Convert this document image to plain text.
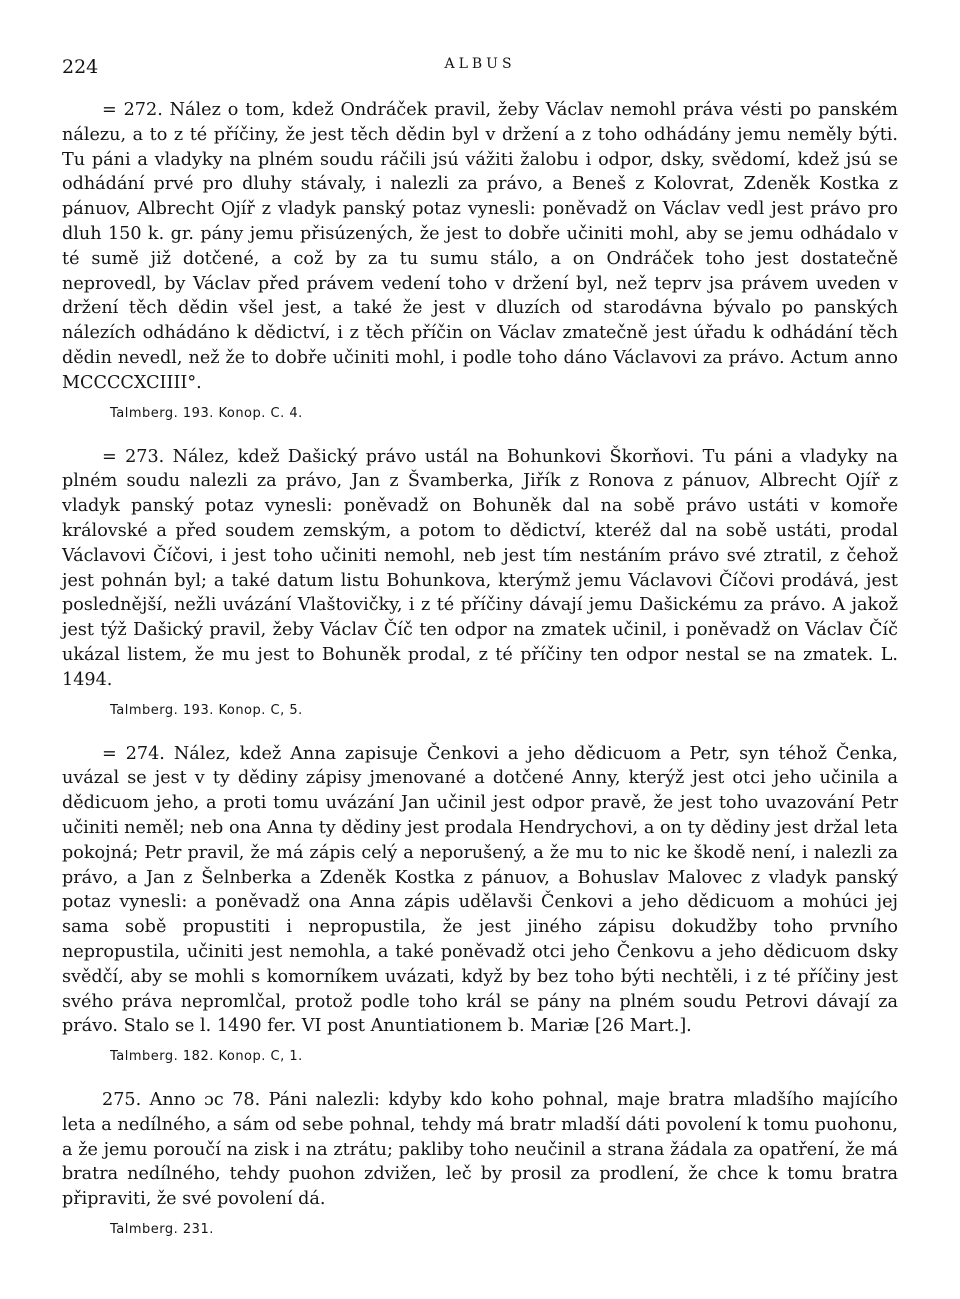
224	ALBUS

= 272. Nález o tom, kdež Ondráček pravil, žeby Václav nemohl práva vésti po panském nálezu, a to z té příčiny, že jest těch dědin byl v držení a z toho odhádány jemu neměly býti. Tu páni a vladyky na plném soudu ráčili jsú vážiti žalobu i odpor, dsky, svědomí, kdež jsú se odhádání prvé pro dluhy stávaly, i nalezli za právo, a Beneš z Kolovrat, Zdeněk Kostka z pánuov, Albrecht Ojíř z vladyk panský potaz vynesli: poněvadž on Václav vedl jest právo pro dluh 150 k. gr. pány jemu přisúzených, že jest to dobře učiniti mohl, aby se jemu odhádalo v té sumě již dotčené, a což by za tu sumu stálo, a on Ondráček toho jest dostatečně neprovedl, by Václav před právem vedení toho v držení byl, než teprv jsa právem uveden v držení těch dědin všel jest, a také že jest v dluzích od starodávna bývalo po panských nálezích odhádáno k dědictví, i z těch příčin on Václav zmatečně jest úřadu k odhádání těch dědin nevedl, než že to dobře učiniti mohl, i podle toho dáno Václavovi za právo. Actum anno MCCCCXCIIII°.

Talmberg. 193. Konop. C. 4.

= 273. Nález, kdež Dašický právo ustál na Bohunkovi Škorňovi. Tu páni a vladyky na plném soudu nalezli za právo, Jan z Švamberka, Jiřík z Ronova z pánuov, Albrecht Ojíř z vladyk panský potaz vynesli: poněvadž on Bohuněk dal na sobě právo ustáti v komoře královské a před soudem zemským, a potom to dědictví, kteréž dal na sobě ustáti, prodal Václavovi Číčovi, i jest toho učiniti nemohl, neb jest tím nestáním právo své ztratil, z čehož jest pohnán byl; a také datum listu Bohunkova, kterýmž jemu Václavovi Číčovi prodává, jest poslednější, nežli uvázání Vlaštovičky, i z té příčiny dávají jemu Dašickému za právo. A jakož jest týž Dašický pravil, žeby Václav Číč ten odpor na zmatek učinil, i poněvadž on Václav Číč ukázal listem, že mu jest to Bohuněk prodal, z té příčiny ten odpor nestal se na zmatek. L. 1494.

Talmberg. 193. Konop. C, 5.

= 274. Nález, kdež Anna zapisuje Čenkovi a jeho dědicuom a Petr, syn téhož Čenka, uvázal se jest v ty dědiny zápisy jmenované a dotčené Anny, kterýž jest otci jeho učinila a dědicuom jeho, a proti tomu uvázání Jan učinil jest odpor pravě, že jest toho uvazování Petr učiniti neměl; neb ona Anna ty dědiny jest prodala Hendrychovi, a on ty dědiny jest držal leta pokojná; Petr pravil, že má zápis celý a neporušený, a že mu to nic ke škodě není, i nalezli za právo, a Jan z Šelnberka a Zdeněk Kostka z pánuov, a Bohuslav Malovec z vladyk panský potaz vynesli: a poněvadž ona Anna zápis udělavši Čenkovi a jeho dědicuom a mohúci jej sama sobě propustiti i nepropustila, že jest jiného zápisu dokudžby toho prvního nepropustila, učiniti jest nemohla, a také poněvadž otci jeho Čenkovu a jeho dědicuom dsky svědčí, aby se mohli s komorníkem uvázati, když by bez toho býti nechtěli, i z té příčiny jest svého práva nepromlčal, protož podle toho král se pány na plném soudu Petrovi dávají za právo. Stalo se l. 1490 fer. VI post Anuntiationem b. Mariæ [26 Mart.].

Talmberg. 182. Konop. C, 1.

275. Anno ɔc 78. Páni nalezli: kdyby kdo koho pohnal, maje bratra mladšího majícího leta a nedílného, a sám od sebe pohnal, tehdy má bratr mladší dáti povolení k tomu puohonu, a že jemu poroučí na zisk i na ztrátu; pakliby toho neučinil a strana žádala za opatření, že má bratra nedílného, tehdy puohon zdvižen, leč by prosil za prodlení, že chce k tomu bratra připraviti, že své povolení dá.

Talmberg. 231.
